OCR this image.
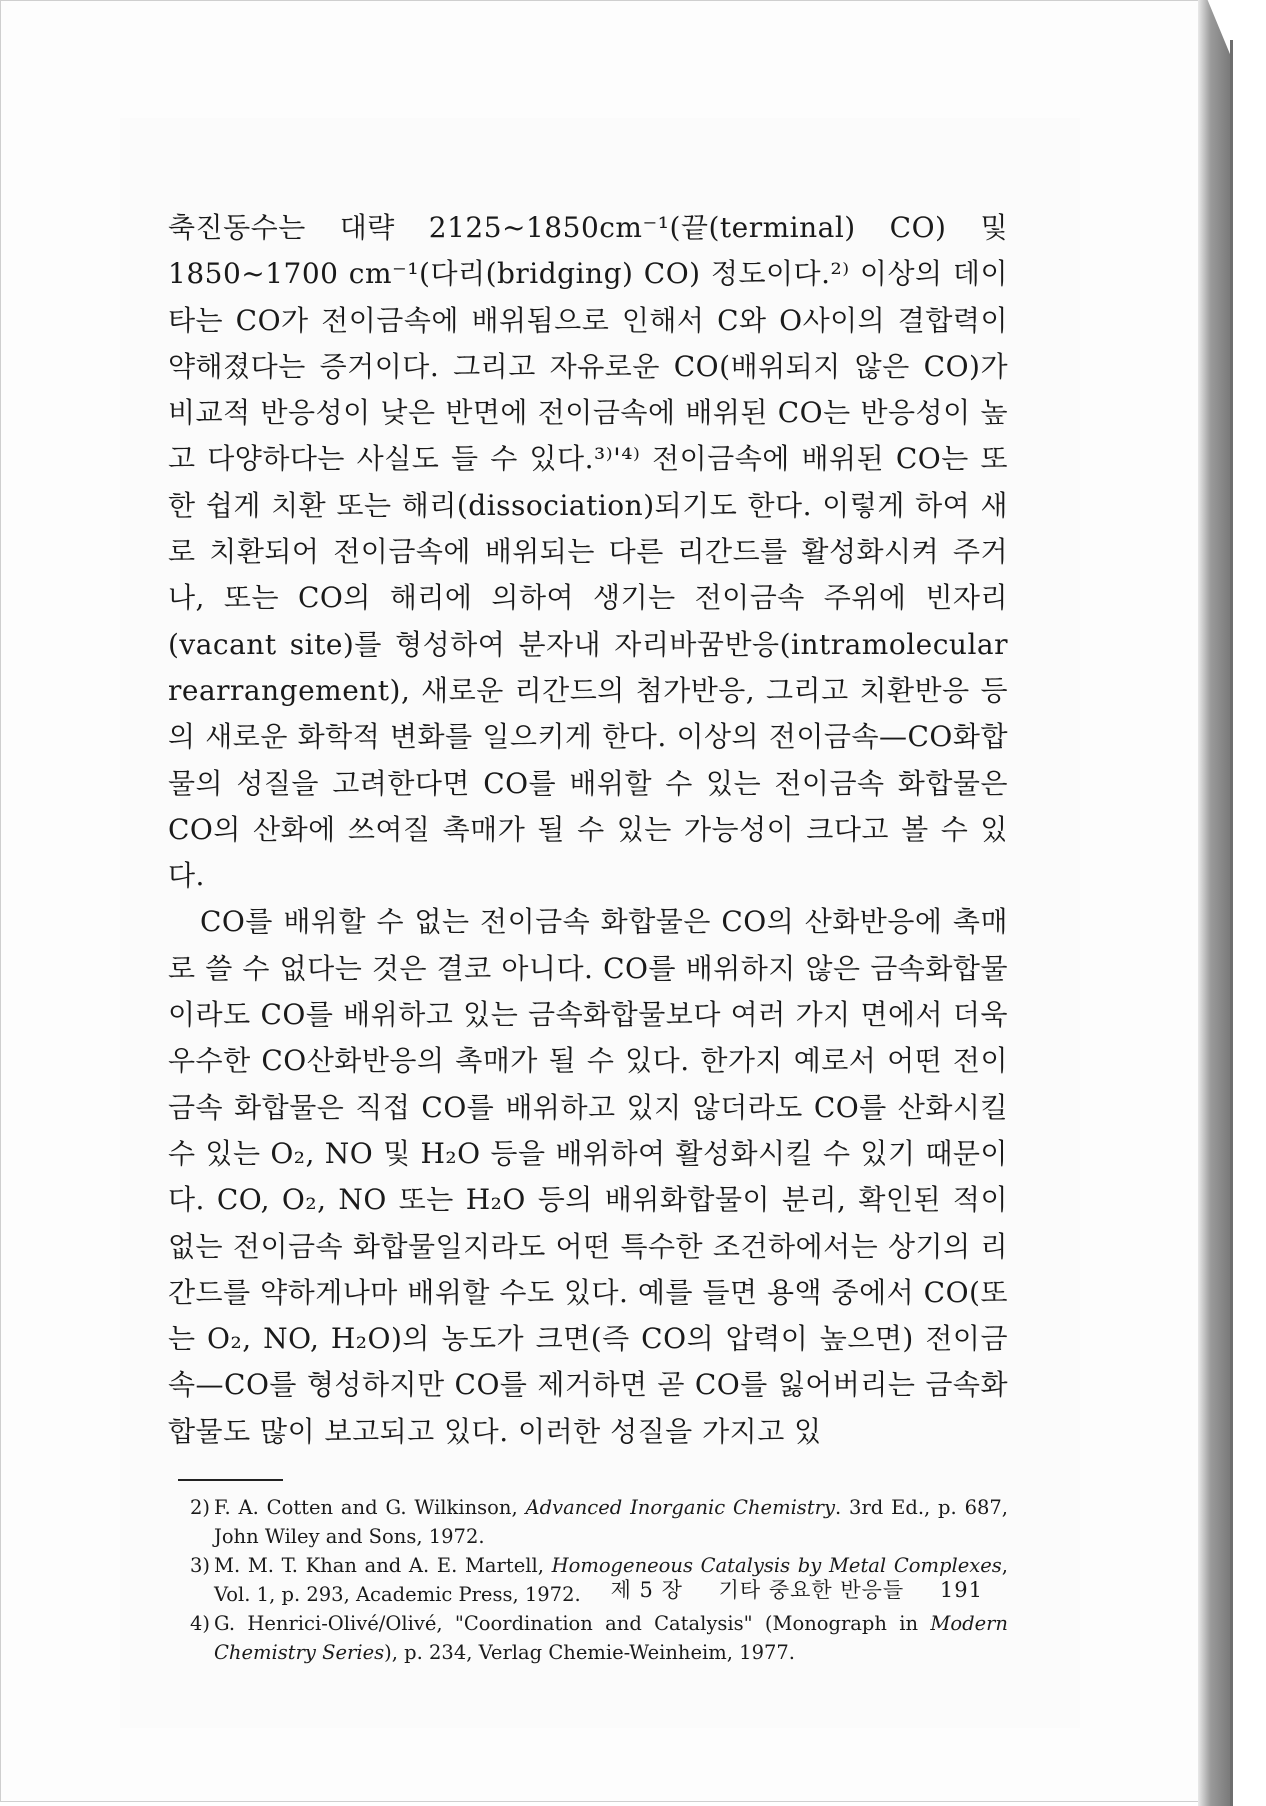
축진동수는 대략 2125~1850cm⁻¹(끝(terminal) CO) 및 1850~1700 cm⁻¹(다리(bridging) CO) 정도이다.²⁾ 이상의 데이타는 CO가 전이금속에 배위됨으로 인해서 C와 O사이의 결합력이 약해졌다는 증거이다. 그리고 자유로운 CO(배위되지 않은 CO)가 비교적 반응성이 낮은 반면에 전이금속에 배위된 CO는 반응성이 높고 다양하다는 사실도 들 수 있다.³⁾'⁴⁾ 전이금속에 배위된 CO는 또한 쉽게 치환 또는 해리(dissociation)되기도 한다. 이렇게 하여 새로 치환되어 전이금속에 배위되는 다른 리간드를 활성화시켜 주거나, 또는 CO의 해리에 의하여 생기는 전이금속 주위에 빈자리(vacant site)를 형성하여 분자내 자리바꿈반응(intramolecular rearrangement), 새로운 리간드의 첨가반응, 그리고 치환반응 등의 새로운 화학적 변화를 일으키게 한다. 이상의 전이금속—CO화합물의 성질을 고려한다면 CO를 배위할 수 있는 전이금속 화합물은 CO의 산화에 쓰여질 촉매가 될 수 있는 가능성이 크다고 볼 수 있다.

CO를 배위할 수 없는 전이금속 화합물은 CO의 산화반응에 촉매로 쓸 수 없다는 것은 결코 아니다. CO를 배위하지 않은 금속화합물이라도 CO를 배위하고 있는 금속화합물보다 여러 가지 면에서 더욱 우수한 CO산화반응의 촉매가 될 수 있다. 한가지 예로서 어떤 전이금속 화합물은 직접 CO를 배위하고 있지 않더라도 CO를 산화시킬 수 있는 O₂, NO 및 H₂O 등을 배위하여 활성화시킬 수 있기 때문이다. CO, O₂, NO 또는 H₂O 등의 배위화합물이 분리, 확인된 적이 없는 전이금속 화합물일지라도 어떤 특수한 조건하에서는 상기의 리간드를 약하게나마 배위할 수도 있다. 예를 들면 용액 중에서 CO(또는 O₂, NO, H₂O)의 농도가 크면(즉 CO의 압력이 높으면) 전이금속—CO를 형성하지만 CO를 제거하면 곧 CO를 잃어버리는 금속화합물도 많이 보고되고 있다. 이러한 성질을 가지고 있

2) F. A. Cotten and G. Wilkinson, Advanced Inorganic Chemistry. 3rd Ed., p. 687, John Wiley and Sons, 1972.
3) M. M. T. Khan and A. E. Martell, Homogeneous Catalysis by Metal Complexes, Vol. 1, p. 293, Academic Press, 1972.
4) G. Henrici-Olivé/Olivé, "Coordination and Catalysis" (Monograph in Modern Chemistry Series), p. 234, Verlag Chemie-Weinheim, 1977.
제 5 장 기타 중요한 반응들 191
